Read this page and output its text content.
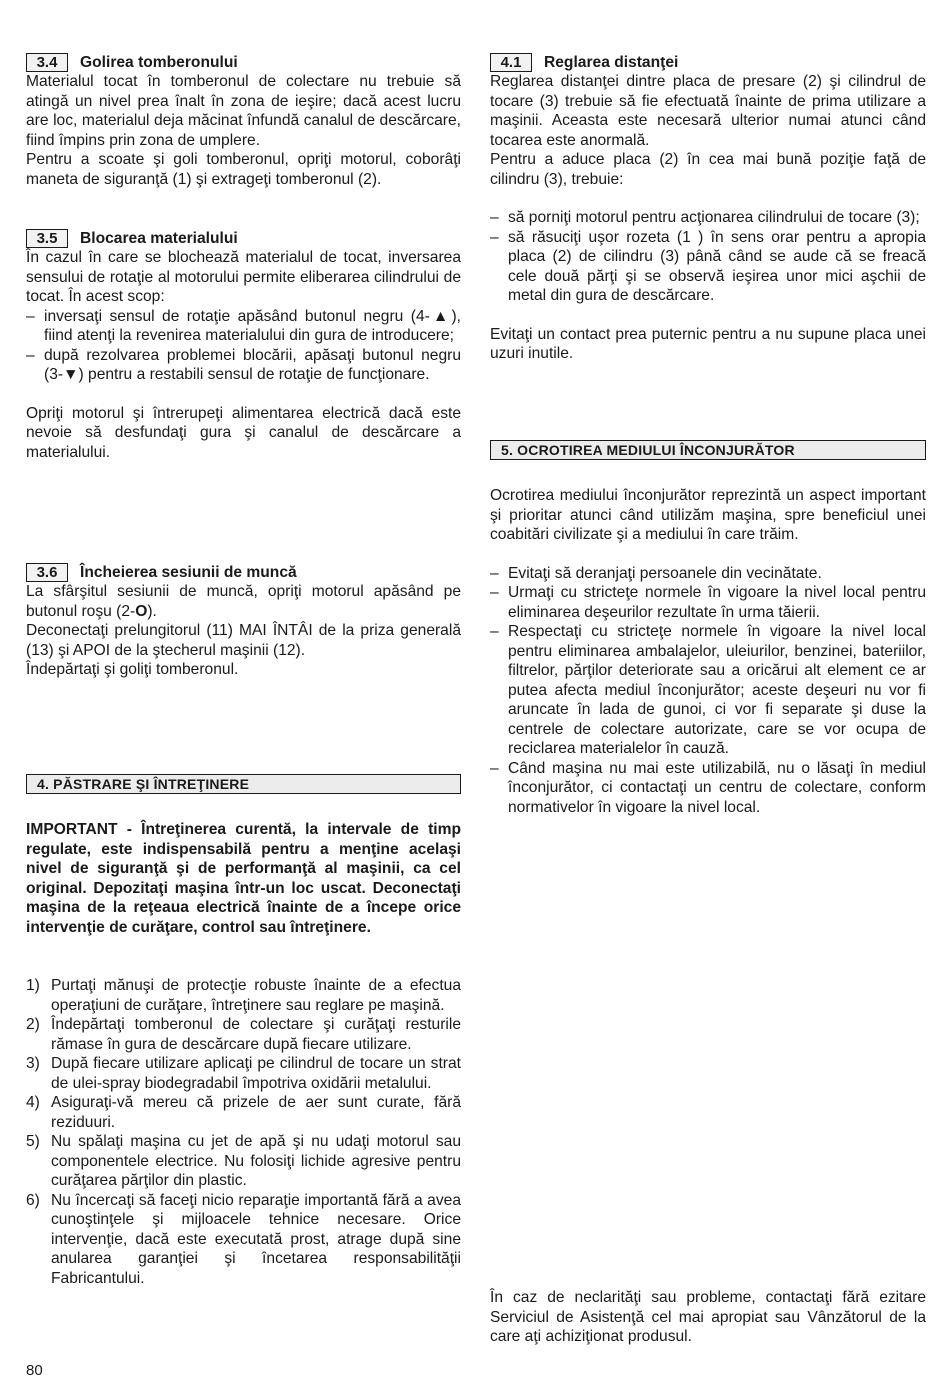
3.4	Golirea tomberonului

Materialul tocat în tomberonul de colectare nu trebuie să atingă un nivel prea înalt în zona de ieşire; dacă acest lucru are loc, materialul deja măcinat înfundă canalul de descărcare, fiind împins prin zona de umplere.

Pentru a scoate şi goli tomberonul, opriţi motorul, coborâţi maneta de siguranţă (1) şi extrageţi tomberonul (2).

3.5	Blocarea materialului

În cazul în care se blochează materialul de tocat, inversarea sensului de rotaţie al motorului permite eliberarea cilindrului de tocat. În acest scop:

– inversaţi sensul de rotaţie apăsând butonul negru (4-▲), fiind atenţi la revenirea materialului din gura de introducere;
– după rezolvarea problemei blocării, apăsaţi butonul negru (3-▼) pentru a restabili sensul de rotaţie de funcţionare.

Opriţi motorul şi întrerupeţi alimentarea electrică dacă este nevoie să desfundaţi gura şi canalul de descărcare a materialului.

3.6	Încheierea sesiunii de muncă

La sfârşitul sesiunii de muncă, opriţi motorul apăsând pe butonul roşu (2-O).

Deconectaţi prelungitorul (11) MAI ÎNTÂI de la priza generală (13) şi APOI de la ştecherul maşinii (12).

Îndepărtaţi şi goliţi tomberonul.

4. PĂSTRARE ŞI ÎNTREŢINERE

IMPORTANT - Întreţinerea curentă, la intervale de timp regulate, este indispensabilă pentru a menţine acelaşi nivel de siguranţă şi de performanţă al maşinii, ca cel original. Depozitaţi maşina într-un loc uscat. Deconectaţi maşina de la reţeaua electrică înainte de a începe orice intervenţie de curăţare, control sau întreţinere.

1) Purtaţi mănuşi de protecţie robuste înainte de a efectua operaţiuni de curăţare, întreţinere sau reglare pe maşină.
2) Îndepărtaţi tomberonul de colectare şi curăţaţi resturile rămase în gura de descărcare după fiecare utilizare.
3) După fiecare utilizare aplicaţi pe cilindrul de tocare un strat de ulei-spray biodegradabil împotriva oxidării metalului.
4) Asiguraţi-vă mereu că prizele de aer sunt curate, fără reziduuri.
5) Nu spălaţi maşina cu jet de apă şi nu udaţi motorul sau componentele electrice. Nu folosiţi lichide agresive pentru curăţarea părţilor din plastic.
6) Nu încercaţi să faceţi nicio reparaţie importantă fără a avea cunoştinţele şi mijloacele tehnice necesare. Orice intervenţie, dacă este executată prost, atrage după sine anularea garanţiei şi încetarea responsabilităţii Fabricantului.
4.1	Reglarea distanţei

Reglarea distanţei dintre placa de presare (2) şi cilindrul de tocare (3) trebuie să fie efectuată înainte de prima utilizare a maşinii. Aceasta este necesară ulterior numai atunci când tocarea este anormală.

Pentru a aduce placa (2) în cea mai bună poziţie faţă de cilindru (3), trebuie:

– să porniţi motorul pentru acţionarea cilindrului de tocare (3);
– să răsuciţi uşor rozeta (1 ) în sens orar pentru a apropia placa (2) de cilindru (3) până când se aude că se freacă cele două părţi şi se observă ieşirea unor mici aşchii de metal din gura de descărcare.

Evitaţi un contact prea puternic pentru a nu supune placa unei uzuri inutile.

5. OCROTIREA MEDIULUI ÎNCONJURĂTOR

Ocrotirea mediului înconjurător reprezintă un aspect important şi prioritar atunci când utilizăm maşina, spre beneficiul unei coabitări civilizate şi a mediului în care trăim.

– Evitaţi să deranjaţi persoanele din vecinătate.
– Urmaţi cu stricteţe normele în vigoare la nivel local pentru eliminarea deşeurilor rezultate în urma tăierii.
– Respectaţi cu stricteţe normele în vigoare la nivel local pentru eliminarea ambalajelor, uleiurilor, benzinei, bateriilor, filtrelor, părţilor deteriorate sau a oricărui alt element ce ar putea afecta mediul înconjurător; aceste deşeuri nu vor fi aruncate în lada de gunoi, ci vor fi separate şi duse la centrele de colectare autorizate, care se vor ocupa de reciclarea materialelor în cauză.
– Când maşina nu mai este utilizabilă, nu o lăsaţi în mediul înconjurător, ci contactaţi un centru de colectare, conform normativelor în vigoare la nivel local.

În caz de neclarităţi sau probleme, contactaţi fără ezitare Serviciul de Asistenţă cel mai apropiat sau Vânzătorul de la care aţi achiziţionat produsul.

80
